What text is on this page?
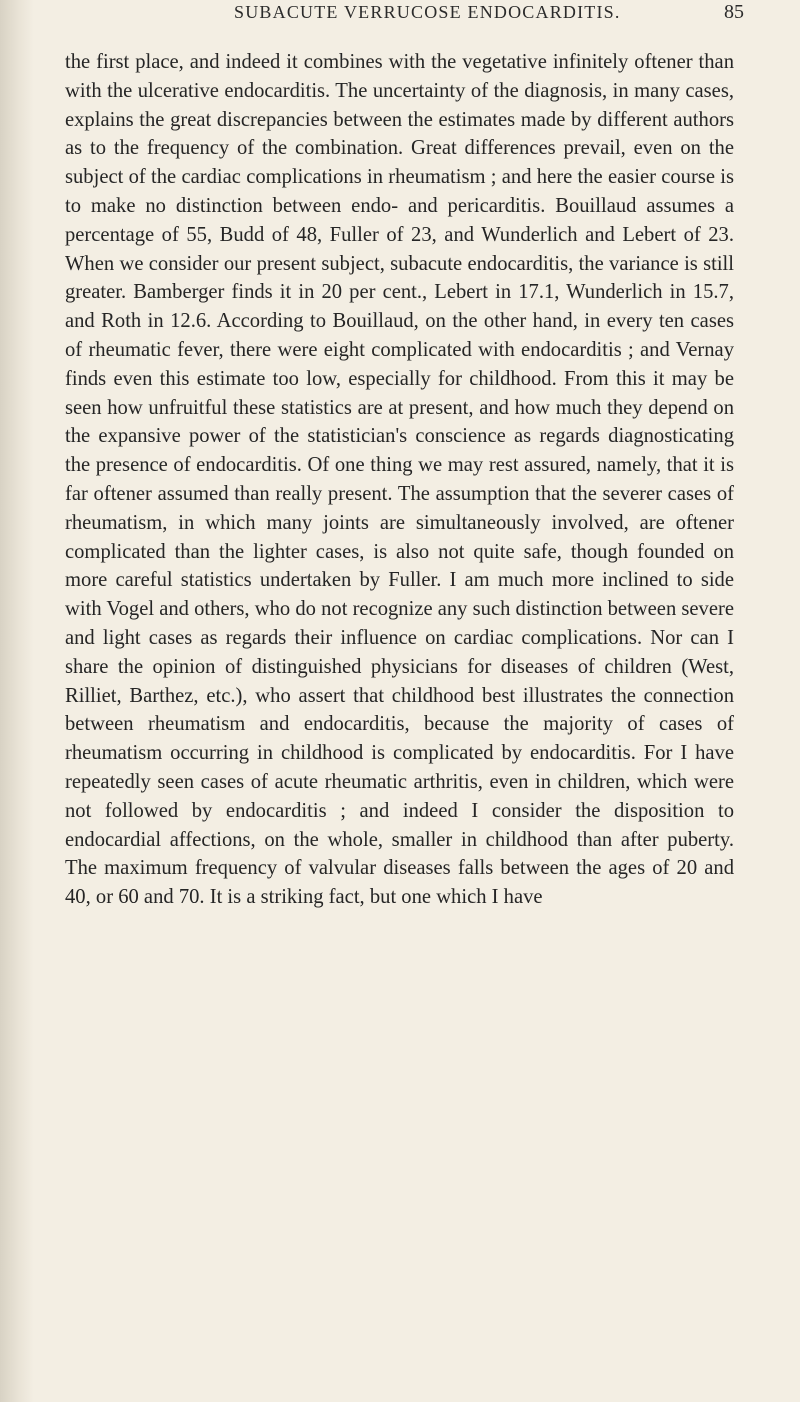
SUBACUTE VERRUCOSE ENDOCARDITIS.	85

the first place, and indeed it combines with the vegetative infinitely oftener than with the ulcerative endocarditis. The uncertainty of the diagnosis, in many cases, explains the great discrepancies between the estimates made by different authors as to the frequency of the combination. Great differences prevail, even on the subject of the cardiac complications in rheumatism ; and here the easier course is to make no distinction between endo- and pericarditis. Bouillaud assumes a percentage of 55, Budd of 48, Fuller of 23, and Wunderlich and Lebert of 23. When we consider our present subject, subacute endocarditis, the variance is still greater. Bamberger finds it in 20 per cent., Lebert in 17.1, Wunderlich in 15.7, and Roth in 12.6. According to Bouillaud, on the other hand, in every ten cases of rheumatic fever, there were eight complicated with endocarditis ; and Vernay finds even this estimate too low, especially for childhood. From this it may be seen how unfruitful these statistics are at present, and how much they depend on the expansive power of the statistician's conscience as regards diagnosticating the presence of endocarditis. Of one thing we may rest assured, namely, that it is far oftener assumed than really present. The assumption that the severer cases of rheumatism, in which many joints are simultaneously involved, are oftener complicated than the lighter cases, is also not quite safe, though founded on more careful statistics undertaken by Fuller. I am much more inclined to side with Vogel and others, who do not recognize any such distinction between severe and light cases as regards their influence on cardiac complications. Nor can I share the opinion of distinguished physicians for diseases of children (West, Rilliet, Barthez, etc.), who assert that childhood best illustrates the connection between rheumatism and endocarditis, because the majority of cases of rheumatism occurring in childhood is complicated by endocarditis. For I have repeatedly seen cases of acute rheumatic arthritis, even in children, which were not followed by endocarditis ; and indeed I consider the disposition to endocardial affections, on the whole, smaller in childhood than after puberty. The maximum frequency of valvular diseases falls between the ages of 20 and 40, or 60 and 70. It is a striking fact, but one which I have
